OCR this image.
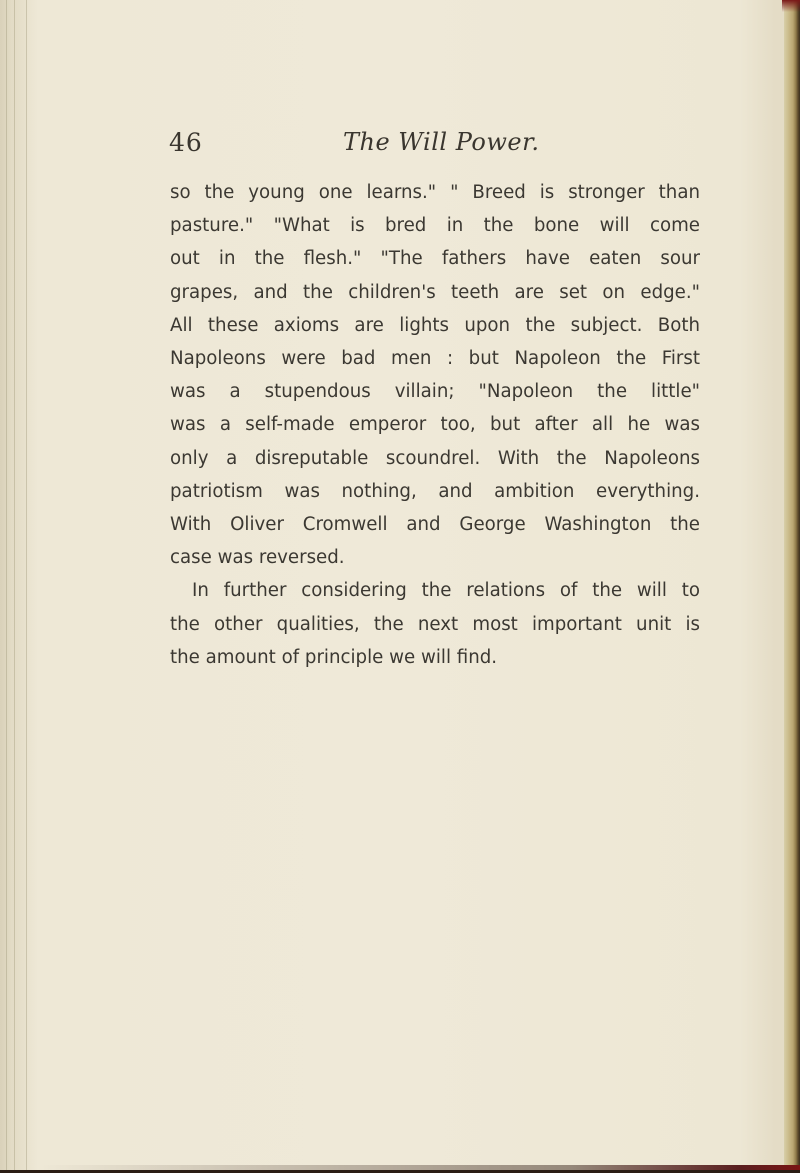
46	The Will Power.
so the young one learns." " Breed is stronger than
pasture." "What is bred in the bone will come
out in the flesh." "The fathers have eaten sour
grapes, and the children's teeth are set on edge."
All these axioms are lights upon the subject. Both
Napoleons were bad men : but Napoleon the First
was a stupendous villain; "Napoleon the little"
was a self-made emperor too, but after all he was
only a disreputable scoundrel. With the Napoleons
patriotism was nothing, and ambition everything.
With Oliver Cromwell and George Washington the
case was reversed.
In further considering the relations of the will to
the other qualities, the next most important unit is
the amount of principle we will find.
